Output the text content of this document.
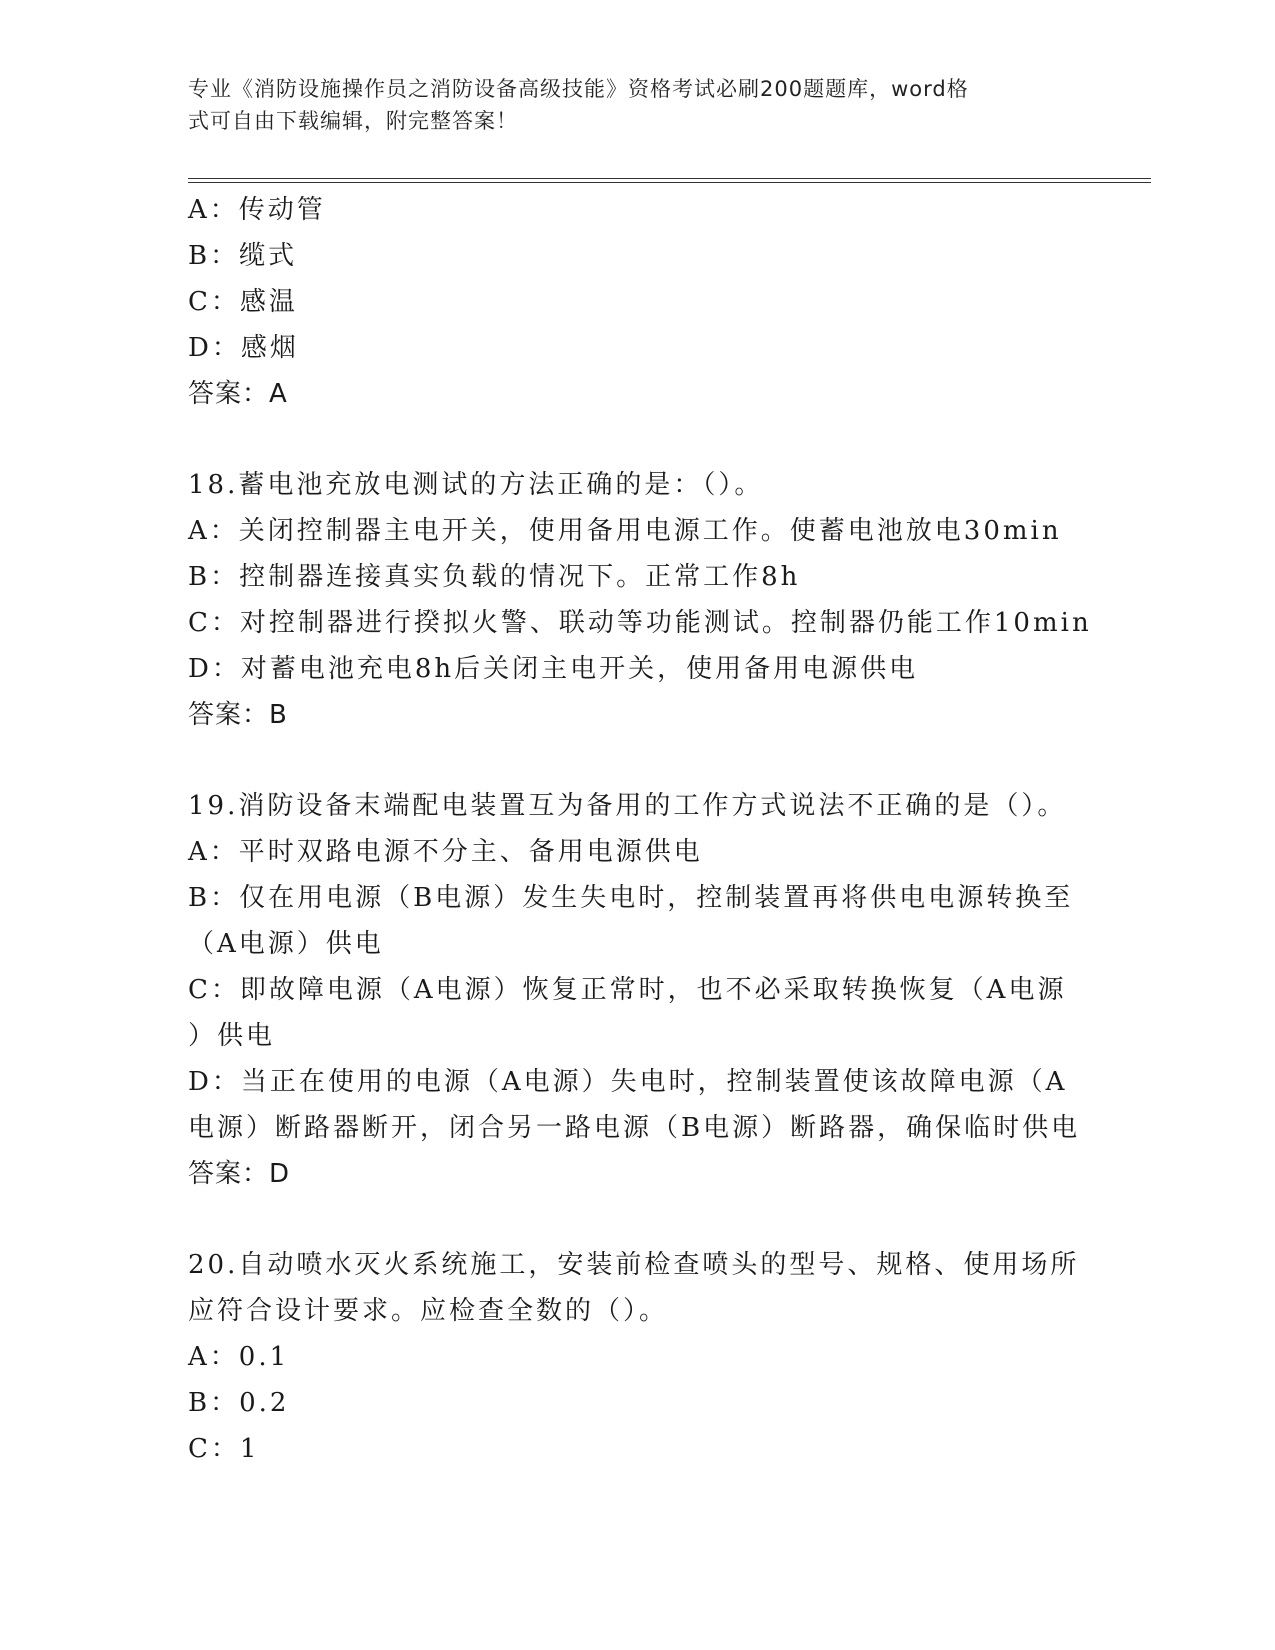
专业《消防设施操作员之消防设备高级技能》资格考试必刷200题题库，word格
式可自由下载编辑，附完整答案！
A：传动管
B：缆式
C：感温
D：感烟
答案：A
18.蓄电池充放电测试的方法正确的是：（）。
A：关闭控制器主电开关，使用备用电源工作。使蓄电池放电30min
B：控制器连接真实负载的情况下。正常工作8h
C：对控制器进行揆拟火警、联动等功能测试。控制器仍能工作10min
D：对蓄电池充电8h后关闭主电开关，使用备用电源供电
答案：B
19.消防设备末端配电装置互为备用的工作方式说法不正确的是（）。
A：平时双路电源不分主、备用电源供电
B：仅在用电源（B电源）发生失电时，控制装置再将供电电源转换至
（A电源）供电
C：即故障电源（A电源）恢复正常时，也不必采取转换恢复（A电源
）供电
D：当正在使用的电源（A电源）失电时，控制装置使该故障电源（A
电源）断路器断开，闭合另一路电源（B电源）断路器，确保临时供电
答案：D
20.自动喷水灭火系统施工，安装前检查喷头的型号、规格、使用场所
应符合设计要求。应检查全数的（）。
A：0.1
B：0.2
C：1
